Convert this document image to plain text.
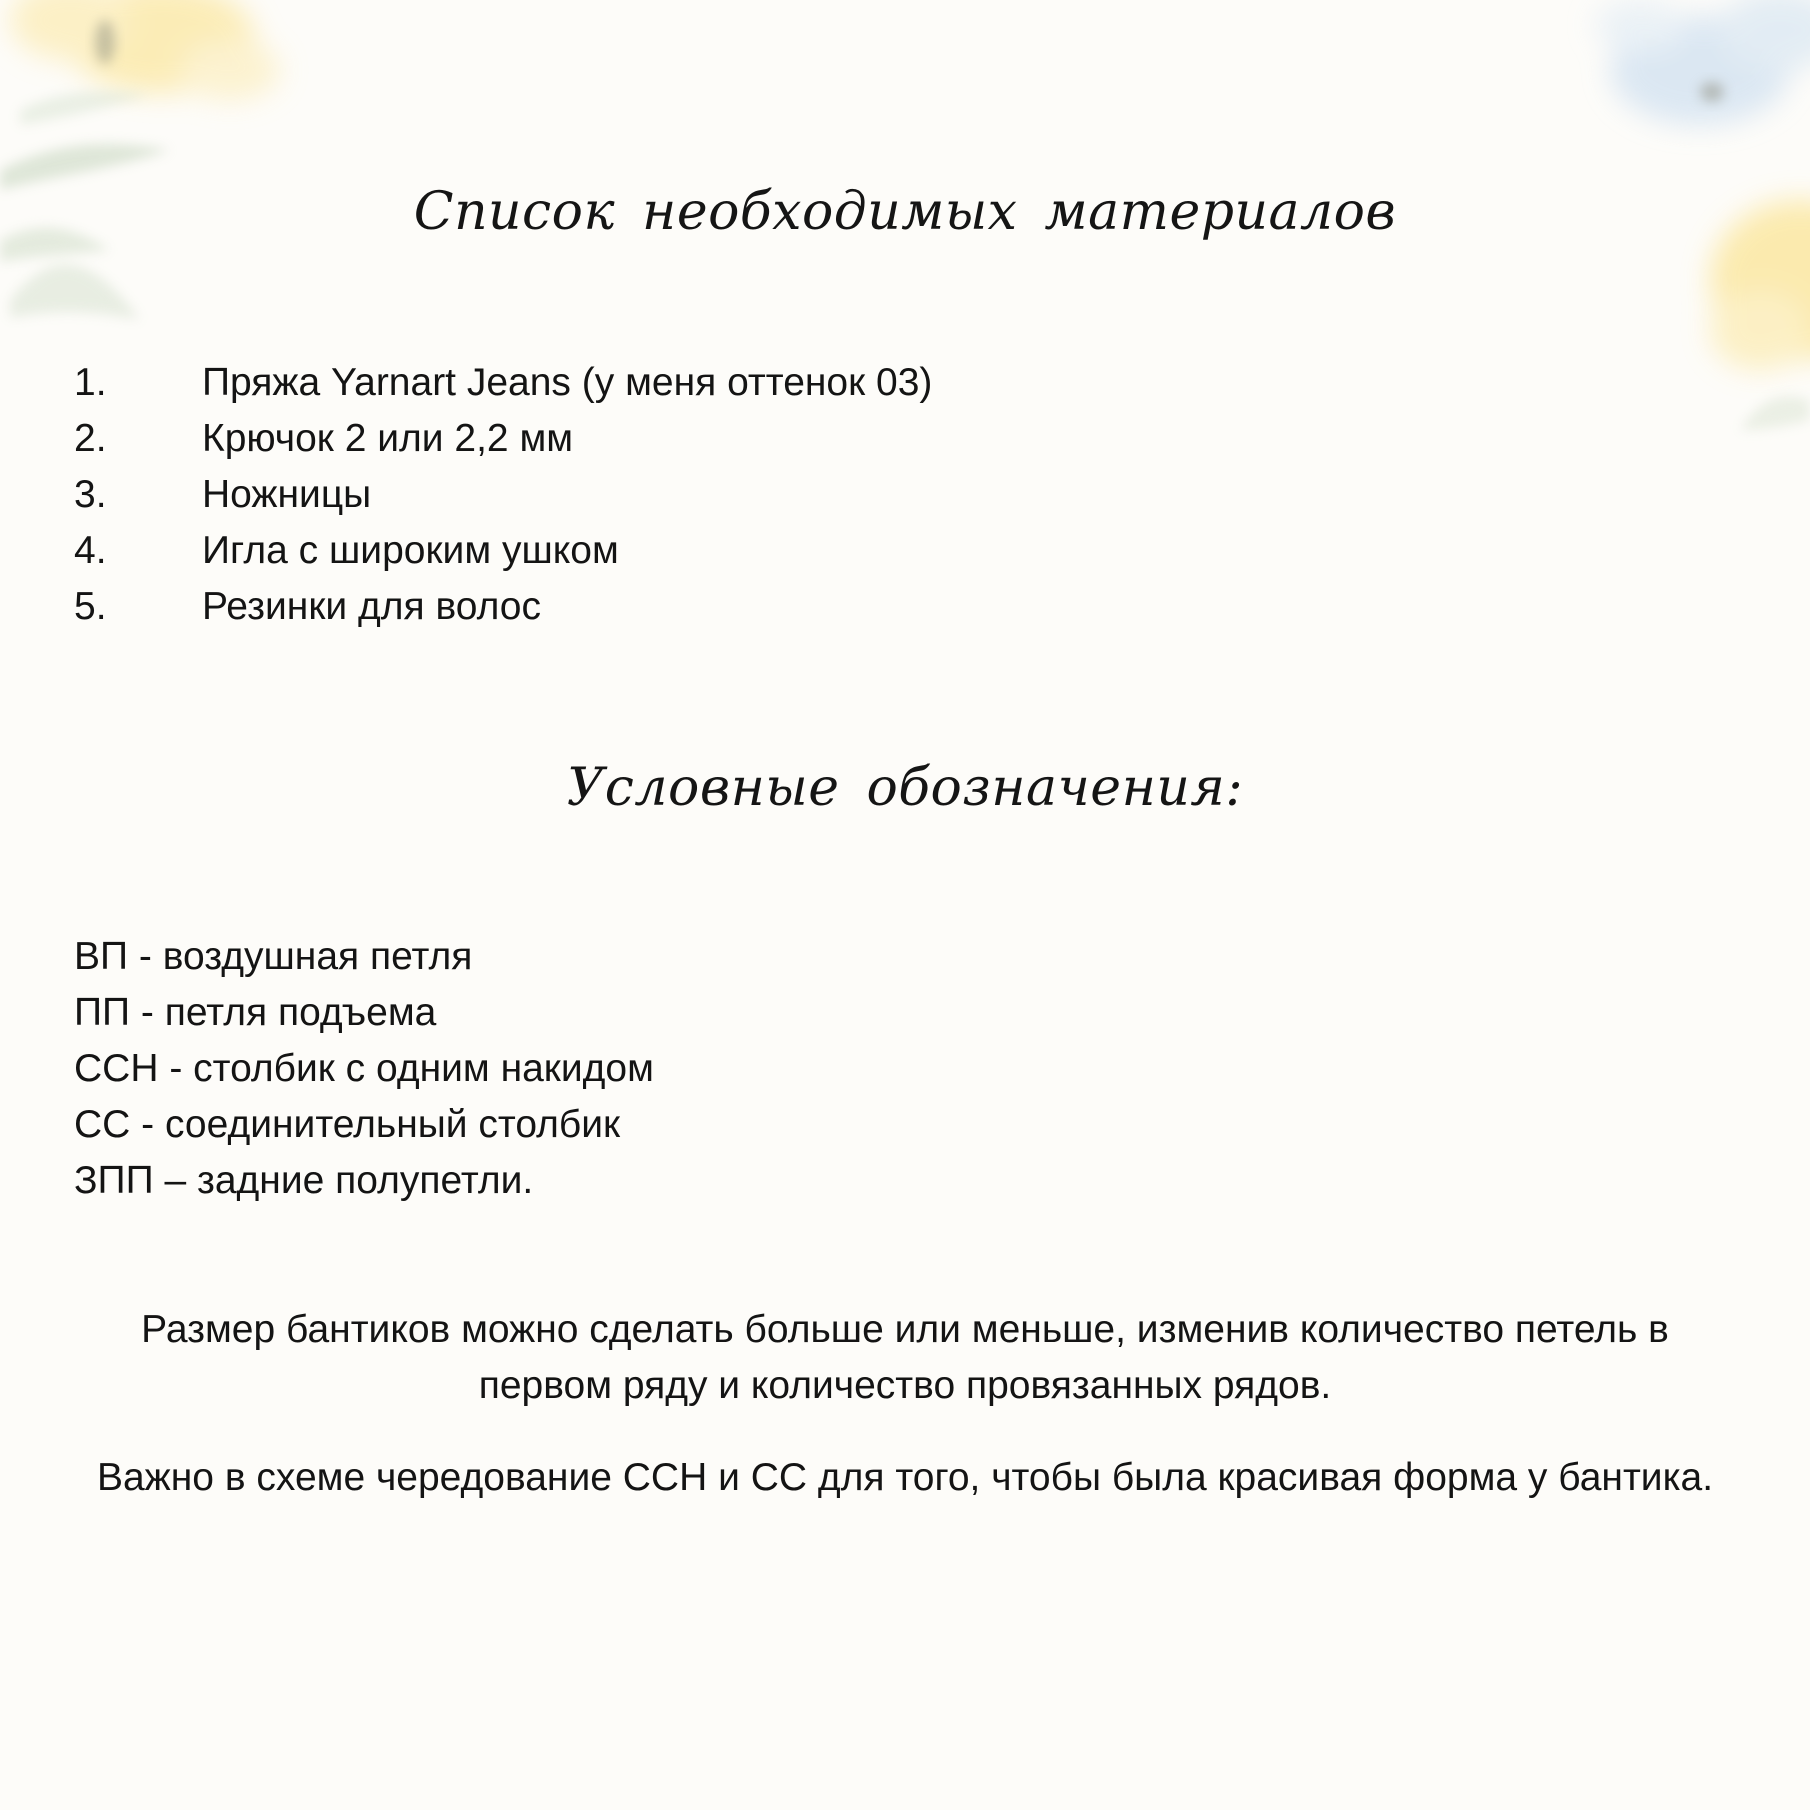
Список необходимых материалов
1.	Пряжа Yarnart Jeans (у меня оттенок 03)
2.	Крючок 2 или 2,2 мм
3.	Ножницы
4.	Игла с широким ушком
5.	Резинки для волос
Условные обозначения:
ВП - воздушная петля
ПП - петля подъема
ССН - столбик с одним накидом
СС - соединительный столбик
ЗПП – задние полупетли.

Размер бантиков можно сделать больше или меньше, изменив количество петель в первом ряду и количество провязанных рядов.

Важно в схеме чередование ССН и СС для того, чтобы была красивая форма у бантика.
